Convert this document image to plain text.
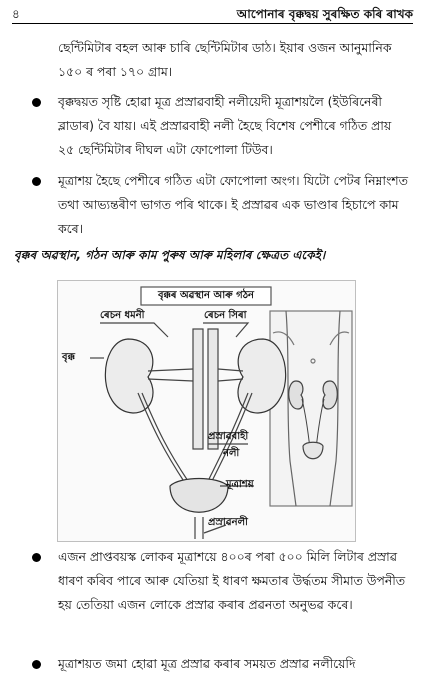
৪	আপোনাৰ বৃক্কদ্বয় সুৰক্ষিত কৰি ৰাখক

ছেন্টিমিটাৰ বহল আৰু চাৰি ছেন্টিমিটাৰ ডাঠ। ইয়াৰ ওজন আনুমানিক ১৫০ ৰ পৰা ১৭০ গ্ৰাম।

বৃক্কদ্বয়ত সৃষ্টি হোৱা মূত্ৰ প্ৰস্ৰাৱবাহী নলীয়েদী মূত্ৰাশয়লৈ (ইউৰিনেৰী ব্লাডাৰ) বৈ যায়। এই প্ৰস্ৰাৱবাহী নলী হৈছে বিশেষ পেশীৰে গঠিত প্ৰায় ২৫ ছেন্টিমিটাৰ দীঘল এটা ফোপোলা টিউব।
মূত্ৰাশয় হৈছে পেশীৰে গঠিত এটা ফোপোলা অংগ। যিটো পেটৰ নিম্নাংশত তথা আভ্যন্তৰীণ ভাগত পৰি থাকে। ই প্ৰস্ৰাৱৰ এক ভাণ্ডাৰ হিচাপে কাম কৰে।
বৃক্কৰ অৱস্থান, গঠন আৰু কাম পুৰুষ আৰু মহিলাৰ ক্ষেত্ৰত একেই।
বৃক্কৰ অৱস্থান আৰু গঠন
ৰেচন ধমনী	ৰেচন সিৰা
বৃক্ক
প্ৰস্ৰাৱবাহী
নলী
মূত্ৰাশয়
প্ৰস্ৰাৱনলী
এজন প্ৰাপ্তবয়স্ক লোকৰ মূত্ৰাশয়ে ৪০০ৰ পৰা ৫০০ মিলি লিটাৰ প্ৰস্ৰাৱ ধাৰণ কৰিব পাৰে আৰু যেতিয়া ই ধাৰণ ক্ষমতাৰ উৰ্দ্ধতম সীমাত উপনীত হয় তেতিয়া এজন লোকে প্ৰস্ৰাৱ কৰাৰ প্ৰৱনতা অনুভৱ কৰে।
মূত্ৰাশয়ত জমা হোৱা মূত্ৰ প্ৰস্ৰাৱ কৰাৰ সময়ত প্ৰস্ৰাৱ নলীয়েদি
